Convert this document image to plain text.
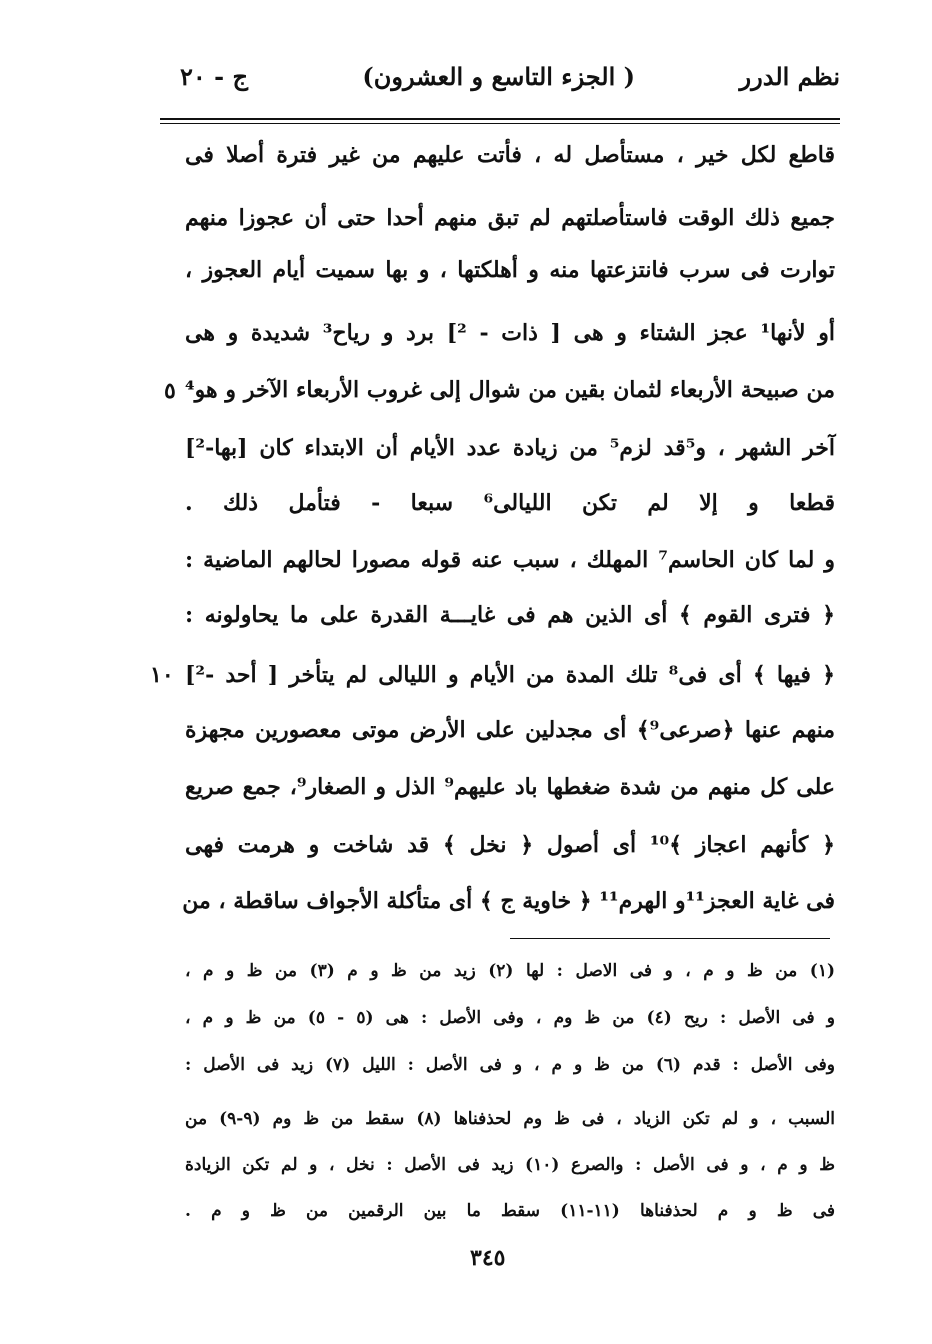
نظم الدرر
( الجزء التاسع و العشرون)
ج - ٢٠
قاطع لكل خير ، مستأصل له ، فأتت عليهم من غير فترة أصلا فى
جميع ذلك الوقت فاستأصلتهم لم تبق منهم أحدا حتى أن عجوزا منهم
توارت فى سرب فانتزعتها منه و أهلكتها ، و بها سميت أيام العجوز ،
أو لأنها¹ عجز الشتاء و هى [ ذات - ²] برد و رياح³ شديدة و هى
من صبيحة الأربعاء لثمان بقين من شوال إلى غروب الأربعاء الآخر و هو⁴
آخر الشهر ، و⁵قد لزم⁵ من زيادة عدد الأيام أن الابتداء كان [بها-²]
قطعا و إلا لم تكن الليالى⁶ سبعا - فتأمل ذلك .
و لما كان الحاسم⁷ المهلك ، سبب عنه قوله مصورا لحالهم الماضية :
﴿ فترى القوم ﴾ أى الذين هم فى غايـــة القدرة على ما يحاولونه :
﴿ فيها ﴾ أى فى⁸ تلك المدة من الأيام و الليالى لم يتأخر [ أحد -²]
منهم عنها ﴿صرعى⁹﴾ أى مجدلين على الأرض موتى معصورين مجهزة
على كل منهم من شدة ضغطها باد عليهم⁹ الذل و الصغار⁹، جمع صريع
﴿ كأنهم اعجاز ﴾¹⁰ أى أصول ﴿ نخل ﴾ قد شاخت و هرمت فهى
فى غاية العجز¹¹و الهرم¹¹ ﴿ خاوية ج ﴾ أى متأكلة الأجواف ساقطة ، من
٥
١٠
(١) من ظ و م ، و فى الاصل : لها (٢) زيد من ظ و م (٣) من ظ و م ،
و فى الأصل : ريح (٤) من ظ وم ، وفى الأصل : هى (٥ - ٥) من ظ و م ،
وفى الأصل : قدم (٦) من ظ و م ، و فى الأصل : الليل (٧) زيد فى الأصل :
السبب ، و لم تكن الزياد ، فى ظ وم لحذفناها (٨) سقط من ظ وم (٩-٩) من
ظ و م ، و فى الأصل : والصرع (١٠) زيد فى الأصل : نخل ، و لم تكن الزيادة
فى ظ و م لحذفناها (١١-١١) سقط ما بين الرقمين من ظ و م .
٣٤٥
